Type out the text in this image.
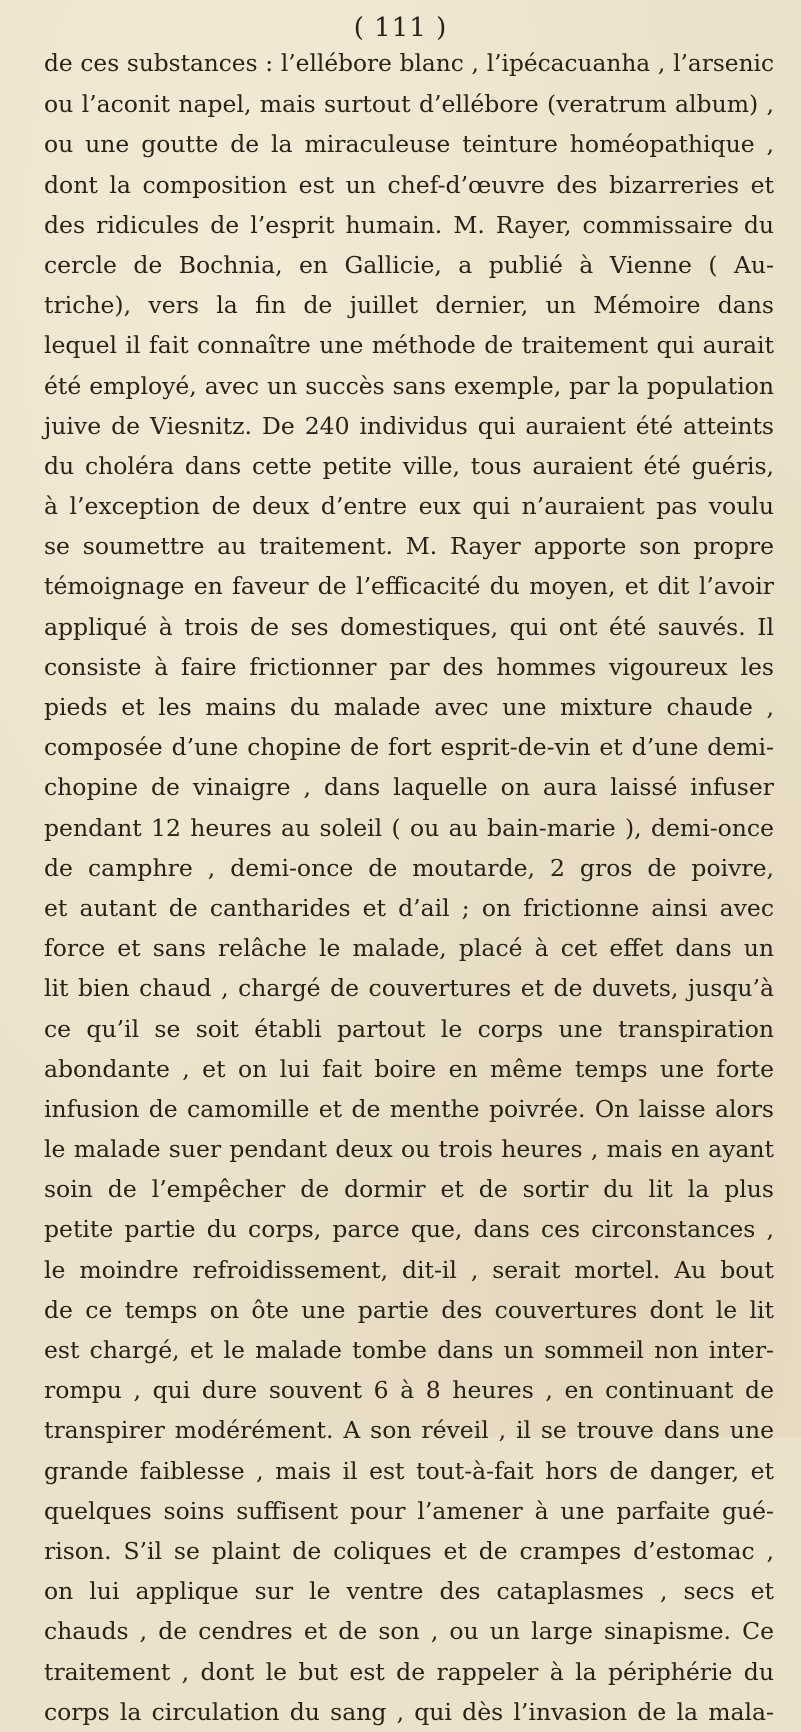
( 111 )
de ces substances : l’ellébore blanc , l’ipécacuanha , l’arsenic
ou l’aconit napel, mais surtout d’ellébore (veratrum album) ,
ou une goutte de la miraculeuse teinture homéopathique ,
dont la composition est un chef-d’œuvre des bizarreries et
des ridicules de l’esprit humain. M. Rayer, commissaire du
cercle de Bochnia, en Gallicie, a publié à Vienne ( Au-
triche), vers la fin de juillet dernier, un Mémoire dans
lequel il fait connaître une méthode de traitement qui aurait
été employé, avec un succès sans exemple, par la population
juive de Viesnitz. De 240 individus qui auraient été atteints
du choléra dans cette petite ville, tous auraient été guéris,
à l’exception de deux d’entre eux qui n’auraient pas voulu
se soumettre au traitement. M. Rayer apporte son propre
témoignage en faveur de l’efficacité du moyen, et dit l’avoir
appliqué à trois de ses domestiques, qui ont été sauvés. Il
consiste à faire frictionner par des hommes vigoureux les
pieds et les mains du malade avec une mixture chaude ,
composée d’une chopine de fort esprit-de-vin et d’une demi-
chopine de vinaigre , dans laquelle on aura laissé infuser
pendant 12 heures au soleil ( ou au bain-marie ), demi-once
de camphre , demi-once de moutarde, 2 gros de poivre,
et autant de cantharides et d’ail ; on frictionne ainsi avec
force et sans relâche le malade, placé à cet effet dans un
lit bien chaud , chargé de couvertures et de duvets, jusqu’à
ce qu’il se soit établi partout le corps une transpiration
abondante , et on lui fait boire en même temps une forte
infusion de camomille et de menthe poivrée. On laisse alors
le malade suer pendant deux ou trois heures , mais en ayant
soin de l’empêcher de dormir et de sortir du lit la plus
petite partie du corps, parce que, dans ces circonstances ,
le moindre refroidissement, dit-il , serait mortel. Au bout
de ce temps on ôte une partie des couvertures dont le lit
est chargé, et le malade tombe dans un sommeil non inter-
rompu , qui dure souvent 6 à 8 heures , en continuant de
transpirer modérément. A son réveil , il se trouve dans une
grande faiblesse , mais il est tout-à-fait hors de danger, et
quelques soins suffisent pour l’amener à une parfaite gué-
rison. S’il se plaint de coliques et de crampes d’estomac ,
on lui applique sur le ventre des cataplasmes , secs et
chauds , de cendres et de son , ou un large sinapisme. Ce
traitement , dont le but est de rappeler à la périphérie du
corps la circulation du sang , qui dès l’invasion de la mala-
